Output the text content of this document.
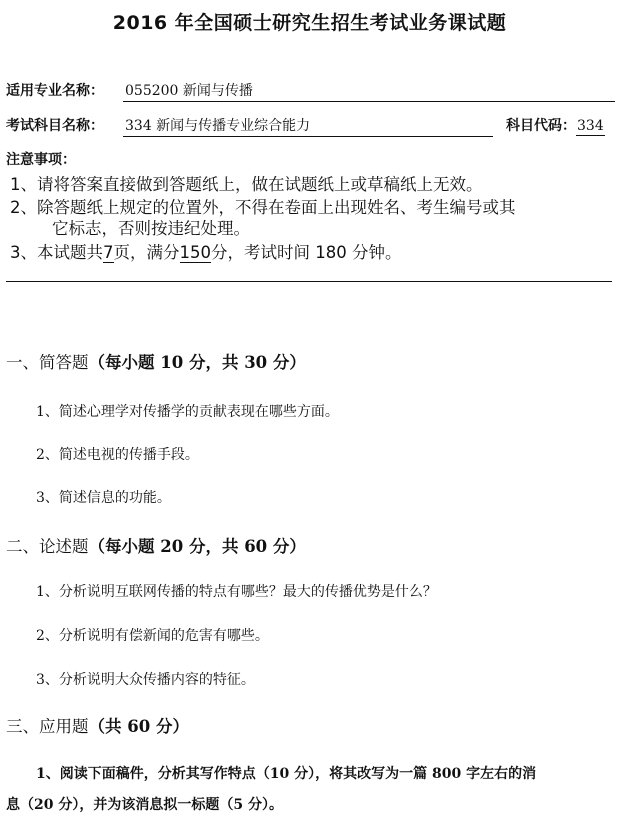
2016 年全国硕士研究生招生考试业务课试题
适用专业名称： 055200 新闻与传播
考试科目名称： 334 新闻与传播专业综合能力	科目代码：334
注意事项：
1、请将答案直接做到答题纸上，做在试题纸上或草稿纸上无效。
2、除答题纸上规定的位置外，不得在卷面上出现姓名、考生编号或其
它标志，否则按违纪处理。
3、本试题共7页，满分150分，考试时间 180 分钟。
一、简答题（每小题 10 分，共 30 分）
1、简述心理学对传播学的贡献表现在哪些方面。
2、简述电视的传播手段。
3、简述信息的功能。
二、论述题（每小题 20 分，共 60 分）
1、分析说明互联网传播的特点有哪些？最大的传播优势是什么？
2、分析说明有偿新闻的危害有哪些。
3、分析说明大众传播内容的特征。
三、应用题（共 60 分）
1、阅读下面稿件，分析其写作特点（10 分），将其改写为一篇 800 字左右的消
息（20 分），并为该消息拟一标题（5 分）。
